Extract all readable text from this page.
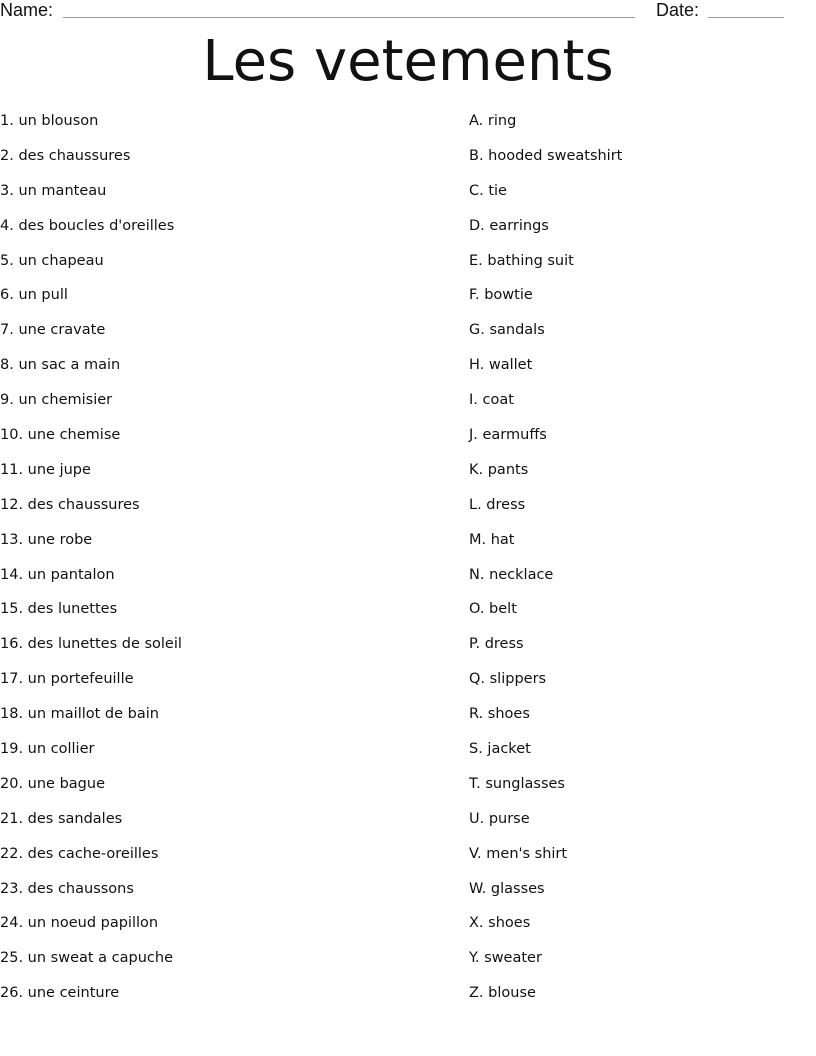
Name:	Date:
Les vetements
1. un blouson
2. des chaussures
3. un manteau
4. des boucles d'oreilles
5. un chapeau
6. un pull
7. une cravate
8. un sac a main
9. un chemisier
10. une chemise
11. une jupe
12. des chaussures
13. une robe
14. un pantalon
15. des lunettes
16. des lunettes de soleil
17. un portefeuille
18. un maillot de bain
19. un collier
20. une bague
21. des sandales
22. des cache-oreilles
23. des chaussons
24. un noeud papillon
25. un sweat a capuche
26. une ceinture
A. ring
B. hooded sweatshirt
C. tie
D. earrings
E. bathing suit
F. bowtie
G. sandals
H. wallet
I. coat
J. earmuffs
K. pants
L. dress
M. hat
N. necklace
O. belt
P. dress
Q. slippers
R. shoes
S. jacket
T. sunglasses
U. purse
V. men's shirt
W. glasses
X. shoes
Y. sweater
Z. blouse
